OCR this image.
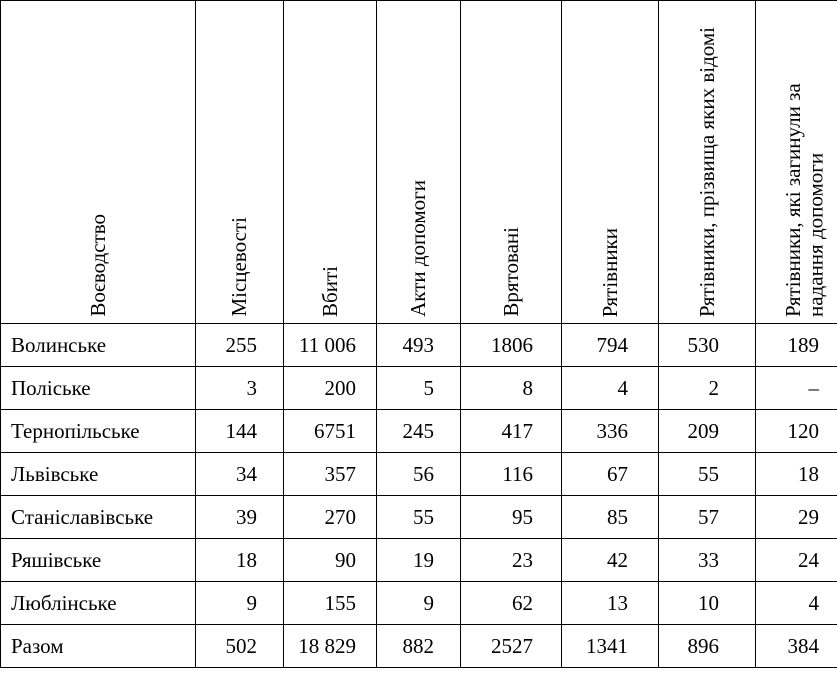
Воєводство	Місцевості	Вбиті	Акти допомоги	Врятовані	Рятівники	Рятівники, прізвища яких відомі	Рятівники, які загинули за надання допомоги

Волинське	255	11 006	493	1806	794	530	189
Поліське	3	200	5	8	4	2	–
Тернопільське	144	6751	245	417	336	209	120
Львівське	34	357	56	116	67	55	18
Станіславівське	39	270	55	95	85	57	29
Ряшівське	18	90	19	23	42	33	24
Люблінське	9	155	9	62	13	10	4
Разом	502	18 829	882	2527	1341	896	384
